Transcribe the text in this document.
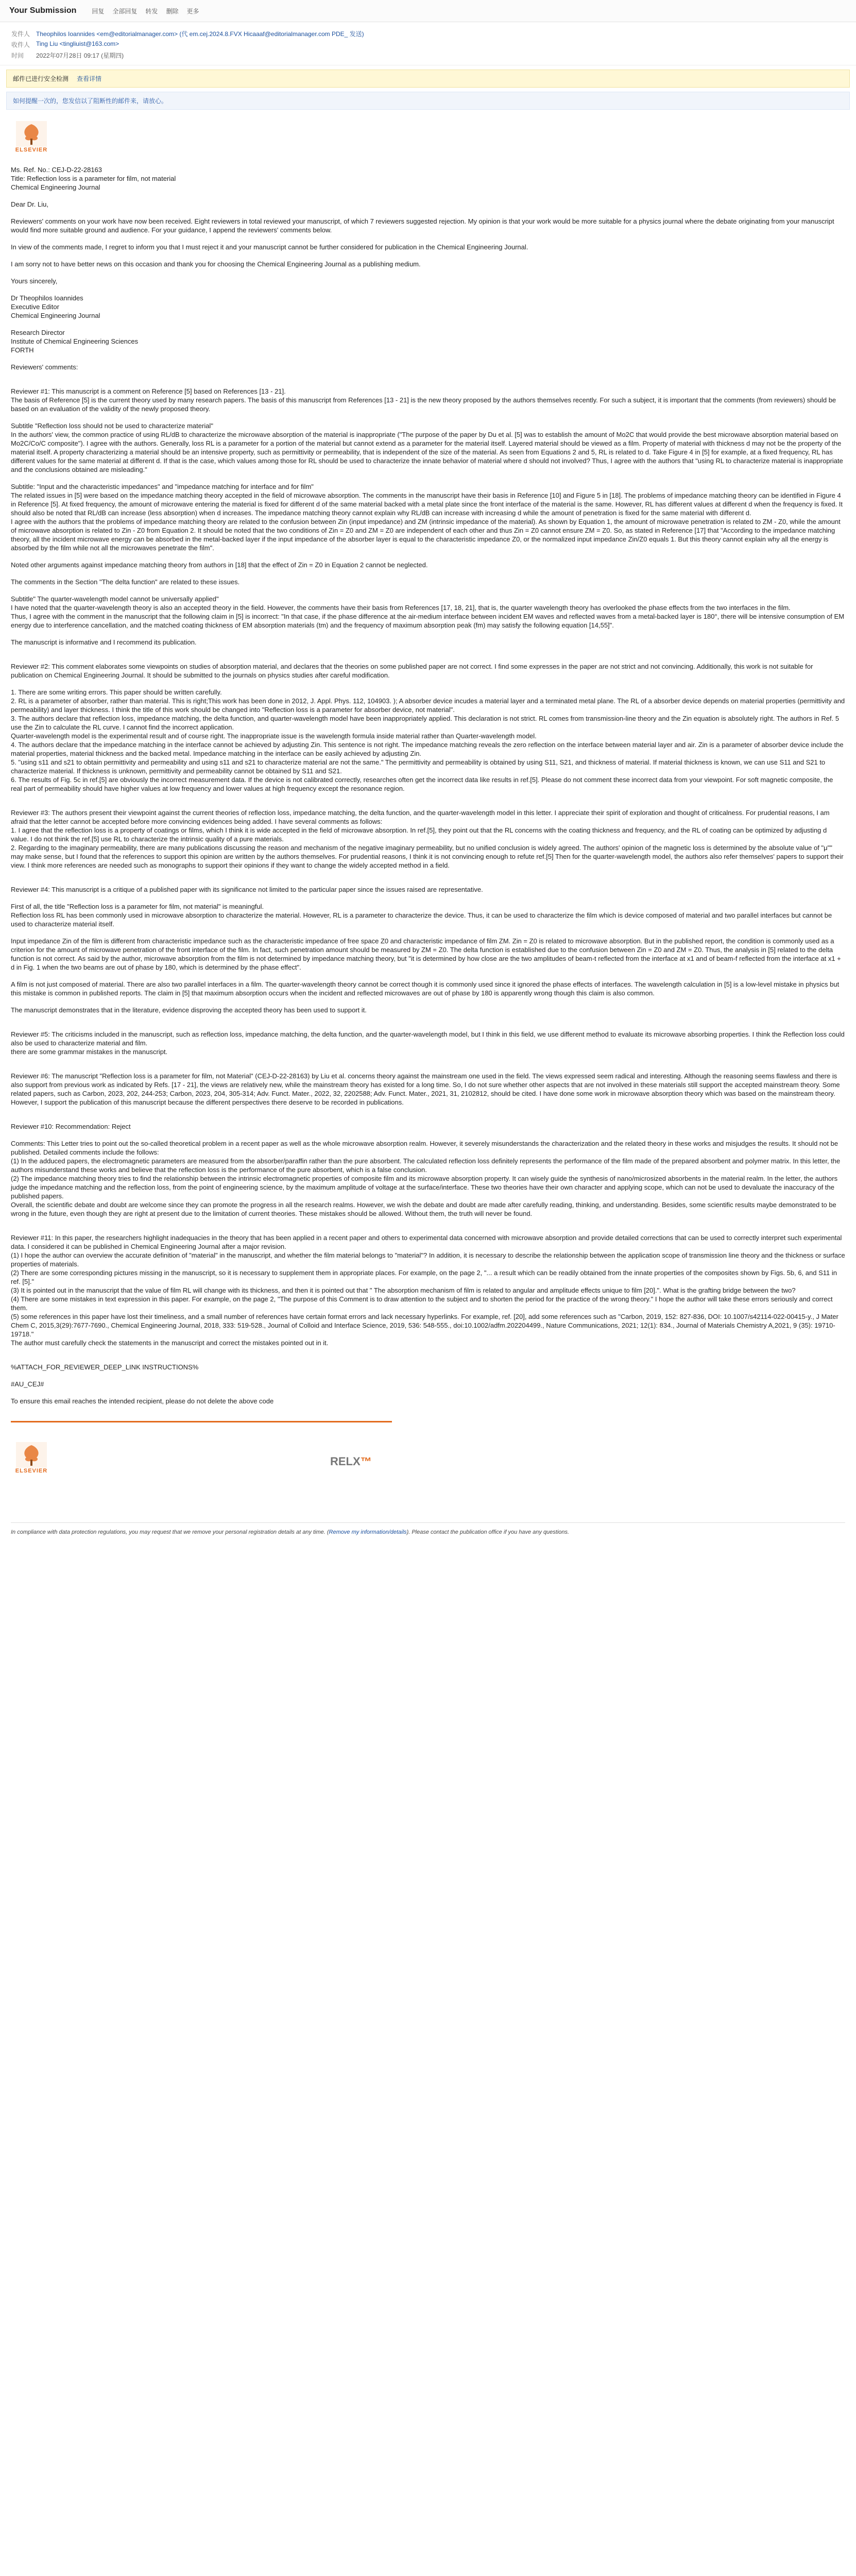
Your Submission	回复 全部回复 转发 删除 更多
发件人 Theophilos Ioannides <em@editorialmanager.com> (代 em.cej.2024.8.FVX Hicaaaf@editorialmanager.com PDE_ 发送)
收件人 Ting Liu <tingliuist@163.com>
时间	2022年07月28日 09:17 (星期四)
邮件已进行安全检测 查看详情
如何提醒一次的，您发信以了阻断性的邮件来，请放心。
ELSEVIER

Ms. Ref. No.: CEJ-D-22-28163
Title: Reflection loss is a parameter for film, not material
Chemical Engineering Journal

Dear Dr. Liu,

Reviewers' comments on your work have now been received. Eight reviewers in total reviewed your manuscript, of which 7 reviewers suggested rejection. My opinion is that your work would be more suitable for a physics journal where the debate originating from your manuscript would find more suitable ground and audience. For your guidance, I append the reviewers' comments below.

In view of the comments made, I regret to inform you that I must reject it and your manuscript cannot be further considered for publication in the Chemical Engineering Journal.

I am sorry not to have better news on this occasion and thank you for choosing the Chemical Engineering Journal as a publishing medium.

Yours sincerely,

Dr Theophilos Ioannides
Executive Editor
Chemical Engineering Journal

Research Director
Institute of Chemical Engineering Sciences
FORTH

Reviewers' comments:

Reviewer #1: This manuscript is a comment on Reference [5] based on References [13 - 21].
The basis of Reference [5] is the current theory used by many research papers. The basis of this manuscript from References [13 - 21] is the new theory proposed by the authors themselves recently. For such a subject, it is important that the comments (from reviewers) should be based on an evaluation of the validity of the newly proposed theory.

Subtitle "Reflection loss should not be used to characterize material"
In the authors' view, the common practice of using RL/dB to characterize the microwave absorption of the material is inappropriate ("The purpose of the paper by Du et al. [5] was to establish the amount of Mo2C that would provide the best microwave absorption material based on Mo2C/Co/C composite"). I agree with the authors. Generally, loss RL is a parameter for a portion of the material but cannot extend as a parameter for the material itself. Layered material should be viewed as a film. Property of material with thickness d may not be the property of the material itself. A property characterizing a material should be an intensive property, such as permittivity or permeability, that is independent of the size of the material. As seen from Equations 2 and 5, RL is related to d. Take Figure 4 in [5] for example, at a fixed frequency, RL has different values for the same material at different d. If that is the case, which values among those for RL should be used to characterize the innate behavior of material where d should not involved? Thus, I agree with the authors that "using RL to characterize material is inappropriate and the conclusions obtained are misleading."

Subtitle: "Input and the characteristic impedances" and "impedance matching for interface and for film"
The related issues in [5] were based on the impedance matching theory accepted in the field of microwave absorption. The comments in the manuscript have their basis in Reference [10] and Figure 5 in [18]. The problems of impedance matching theory can be identified in Figure 4 in Reference [5]. At fixed frequency, the amount of microwave entering the material is fixed for different d of the same material backed with a metal plate since the front interface of the material is the same. However, RL has different values at different d when the frequency is fixed. It should also be noted that RL/dB can increase (less absorption) when d increases. The impedance matching theory cannot explain why RL/dB can increase with increasing d while the amount of penetration is fixed for the same material with different d.
I agree with the authors that the problems of impedance matching theory are related to the confusion between Zin (input impedance) and ZM (intrinsic impedance of the material). As shown by Equation 1, the amount of microwave penetration is related to ZM - Z0, while the amount of microwave absorption is related to Zin - Z0 from Equation 2. It should be noted that the two conditions of Zin = Z0 and ZM = Z0 are independent of each other and thus Zin = Z0 cannot ensure ZM = Z0. So, as stated in Reference [17] that "According to the impedance matching theory, all the incident microwave energy can be absorbed in the metal-backed layer if the input impedance of the absorber layer is equal to the characteristic impedance Z0, or the normalized input impedance Zin/Z0 equals 1. But this theory cannot explain why all the energy is absorbed by the film while not all the microwaves penetrate the film".

Noted other arguments against impedance matching theory from authors in [18] that the effect of Zin = Z0 in Equation 2 cannot be neglected.

The comments in the Section "The delta function" are related to these issues.

Subtitle" The quarter-wavelength model cannot be universally applied"
I have noted that the quarter-wavelength theory is also an accepted theory in the field. However, the comments have their basis from References [17, 18, 21], that is, the quarter wavelength theory has overlooked the phase effects from the two interfaces in the film.
Thus, I agree with the comment in the manuscript that the following claim in [5] is incorrect: "In that case, if the phase difference at the air-medium interface between incident EM waves and reflected waves from a metal-backed layer is 180°, there will be intensive consumption of EM energy due to interference cancellation, and the matched coating thickness of EM absorption materials (tm) and the frequency of maximum absorption peak (fm) may satisfy the following equation [14,55]".

The manuscript is informative and I recommend its publication.

Reviewer #2: This comment elaborates some viewpoints on studies of absorption material, and declares that the theories on some published paper are not correct. I find some expresses in the paper are not strict and not convincing. Additionally, this work is not suitable for publication on Chemical Engineering Journal. It should be submitted to the journals on physics studies after careful modification.

1. There are some writing errors. This paper should be written carefully.
2. RL is a parameter of absorber, rather than material. This is right;This work has been done in 2012, J. Appl. Phys. 112, 104903. ); A absorber device incudes a material layer and a terminated metal plane. The RL of a absorber device depends on material properties (permittivity and permeability) and layer thickness. I think the title of this work should be changed into "Reflection loss is a parameter for absorber device, not material".
3. The authors declare that reflection loss, impedance matching, the delta function, and quarter-wavelength model have been inappropriately applied. This declaration is not strict. RL comes from transmission-line theory and the Zin equation is absolutely right. The authors in Ref. 5 use the Zin to calculate the RL curve. I cannot find the incorrect application.
Quarter-wavelength model is the experimental result and of course right. The inappropriate issue is the wavelength formula inside material rather than Quarter-wavelength model.
4. The authors declare that the impedance matching in the interface cannot be achieved by adjusting Zin. This sentence is not right. The impedance matching reveals the zero reflection on the interface between material layer and air. Zin is a parameter of absorber device include the material properties, material thickness and the backed metal. Impedance matching in the interface can be easily achieved by adjusting Zin.
5. "using s11 and s21 to obtain permittivity and permeability and using s11 and s21 to characterize material are not the same." The permittivity and permeability is obtained by using S11, S21, and thickness of material. If material thickness is known, we can use S11 and S21 to characterize material. If thickness is unknown, permittivity and permeability cannot be obtained by S11 and S21.
6. The results of Fig. 5c in ref.[5] are obviously the incorrect measurement data. If the device is not calibrated correctly, researches often get the incorrect data like results in ref.[5]. Please do not comment these incorrect data from your viewpoint. For soft magnetic composite, the real part of permeability should have higher values at low frequency and lower values at high frequency except the resonance region.

Reviewer #3: The authors present their viewpoint against the current theories of reflection loss, impedance matching, the delta function, and the quarter-wavelength model in this letter. I appreciate their spirit of exploration and thought of criticalness. For prudential reasons, I am afraid that the letter cannot be accepted before more convincing evidences being added. I have several comments as follows:
1. I agree that the reflection loss is a property of coatings or films, which I think it is wide accepted in the field of microwave absorption. In ref.[5], they point out that the RL concerns with the coating thickness and frequency, and the RL of coating can be optimized by adjusting d value. I do not think the ref.[5] use RL to characterize the intrinsic quality of a pure materials.
2. Regarding to the imaginary permeability, there are many publications discussing the reason and mechanism of the negative imaginary permeability, but no unified conclusion is widely agreed. The authors' opinion of the magnetic loss is determined by the absolute value of "μ"" may make sense, but I found that the references to support this opinion are written by the authors themselves. For prudential reasons, I think it is not convincing enough to refute ref.[5] Then for the quarter-wavelength model, the authors also refer themselves' papers to support their view. I think more references are needed such as monographs to support their opinions if they want to change the widely accepted method in a field.

Reviewer #4: This manuscript is a critique of a published paper with its significance not limited to the particular paper since the issues raised are representative.

First of all, the title "Reflection loss is a parameter for film, not material" is meaningful.
Reflection loss RL has been commonly used in microwave absorption to characterize the material. However, RL is a parameter to characterize the device. Thus, it can be used to characterize the film which is device composed of material and two parallel interfaces but cannot be used to characterize material itself.

Input impedance Zin of the film is different from characteristic impedance such as the characteristic impedance of free space Z0 and characteristic impedance of film ZM. Zin = Z0 is related to microwave absorption. But in the published report, the condition is commonly used as a criterion for the amount of microwave penetration of the front interface of the film. In fact, such penetration amount should be measured by ZM = Z0. The delta function is established due to the confusion between Zin = Z0 and ZM = Z0. Thus, the analysis in [5] related to the delta function is not correct. As said by the author, microwave absorption from the film is not determined by impedance matching theory, but "it is determined by how close are the two amplitudes of beam-t reflected from the interface at x1 and of beam-f reflected from the interface at x1 + d in Fig. 1 when the two beams are out of phase by 180, which is determined by the phase effect".

A film is not just composed of material. There are also two parallel interfaces in a film. The quarter-wavelength theory cannot be correct though it is commonly used since it ignored the phase effects of interfaces. The wavelength calculation in [5] is a low-level mistake in physics but this mistake is common in published reports. The claim in [5] that maximum absorption occurs when the incident and reflected microwaves are out of phase by 180 is apparently wrong though this claim is also common.

The manuscript demonstrates that in the literature, evidence disproving the accepted theory has been used to support it.

Reviewer #5: The criticisms included in the manuscript, such as reflection loss, impedance matching, the delta function, and the quarter-wavelength model, but I think in this field, we use different method to evaluate its microwave absorbing properties. I think the Reflection loss could also be used to characterize material and film.
there are some grammar mistakes in the manuscript.

Reviewer #6: The manuscript "Reflection loss is a parameter for film, not Material" (CEJ-D-22-28163) by Liu et al. concerns theory against the mainstream one used in the field. The views expressed seem radical and interesting. Although the reasoning seems flawless and there is also support from previous work as indicated by Refs. [17 - 21], the views are relatively new, while the mainstream theory has existed for a long time. So, I do not sure whether other aspects that are not involved in these materials still support the accepted mainstream theory. Some related papers, such as Carbon, 2023, 202, 244-253; Carbon, 2023, 204, 305-314; Adv. Funct. Mater., 2022, 32, 2202588; Adv. Funct. Mater., 2021, 31, 2102812, should be cited. I have done some work in microwave absorption theory which was based on the mainstream theory. However, I support the publication of this manuscript because the different perspectives there deserve to be recorded in publications.

Reviewer #10: Recommendation: Reject

Comments: This Letter tries to point out the so-called theoretical problem in a recent paper as well as the whole microwave absorption realm. However, it severely misunderstands the characterization and the related theory in these works and misjudges the results. It should not be published. Detailed comments include the follows:
(1) In the adduced papers, the electromagnetic parameters are measured from the absorber/paraffin rather than the pure absorbent. The calculated reflection loss definitely represents the performance of the film made of the prepared absorbent and polymer matrix. In this letter, the authors misunderstand these works and believe that the reflection loss is the performance of the pure absorbent, which is a false conclusion.
(2) The impedance matching theory tries to find the relationship between the intrinsic electromagnetic properties of composite film and its microwave absorption property. It can wisely guide the synthesis of nano/microsized absorbents in the material realm. In the letter, the authors judge the impedance matching and the reflection loss, from the point of engineering science, by the maximum amplitude of voltage at the surface/interface. These two theories have their own character and applying scope, which can not be used to devaluate the inaccuracy of the published papers.
Overall, the scientific debate and doubt are welcome since they can promote the progress in all the research realms. However, we wish the debate and doubt are made after carefully reading, thinking, and understanding. Besides, some scientific results maybe demonstrated to be wrong in the future, even though they are right at present due to the limitation of current theories. These mistakes should be allowed. Without them, the truth will never be found.

Reviewer #11: In this paper, the researchers highlight inadequacies in the theory that has been applied in a recent paper and others to experimental data concerned with microwave absorption and provide detailed corrections that can be used to correctly interpret such experimental data. I considered it can be published in Chemical Engineering Journal after a major revision.
(1) I hope the author can overview the accurate definition of "material" in the manuscript, and whether the film material belongs to "material"? In addition, it is necessary to describe the relationship between the application scope of transmission line theory and the thickness or surface properties of materials.
(2) There are some corresponding pictures missing in the manuscript, so it is necessary to supplement them in appropriate places. For example, on the page 2, "... a result which can be readily obtained from the innate properties of the composites shown by Figs. 5b, 6, and S11 in ref. [5]."
(3) It is pointed out in the manuscript that the value of film RL will change with its thickness, and then it is pointed out that " The absorption mechanism of film is related to angular and amplitude effects unique to film [20].". What is the grafting bridge between the two?
(4) There are some mistakes in text expression in this paper. For example, on the page 2, "The purpose of this Comment is to draw attention to the subject and to shorten the period for the practice of the wrong theory." I hope the author will take these errors seriously and correct them.
(5) some references in this paper have lost their timeliness, and a small number of references have certain format errors and lack necessary hyperlinks. For example, ref. [20], add some references such as "Carbon, 2019, 152: 827-836, DOI: 10.1007/s42114-022-00415-y., J Mater Chem C, 2015,3(29):7677-7690., Chemical Engineering Journal, 2018, 333: 519-528., Journal of Colloid and Interface Science, 2019, 536: 548-555., doi:10.1002/adfm.202204499., Nature Communications, 2021; 12(1): 834., Journal of Materials Chemistry A,2021, 9 (35): 19710-19718."
The author must carefully check the statements in the manuscript and correct the mistakes pointed out in it.

%ATTACH_FOR_REVIEWER_DEEP_LINK INSTRUCTIONS%

#AU_CEJ#

To ensure this email reaches the intended recipient, please do not delete the above code

ELSEVIER
RELX™
In compliance with data protection regulations, you may request that we remove your personal registration details at any time. (Remove my information/details). Please contact the publication office if you have any questions.
